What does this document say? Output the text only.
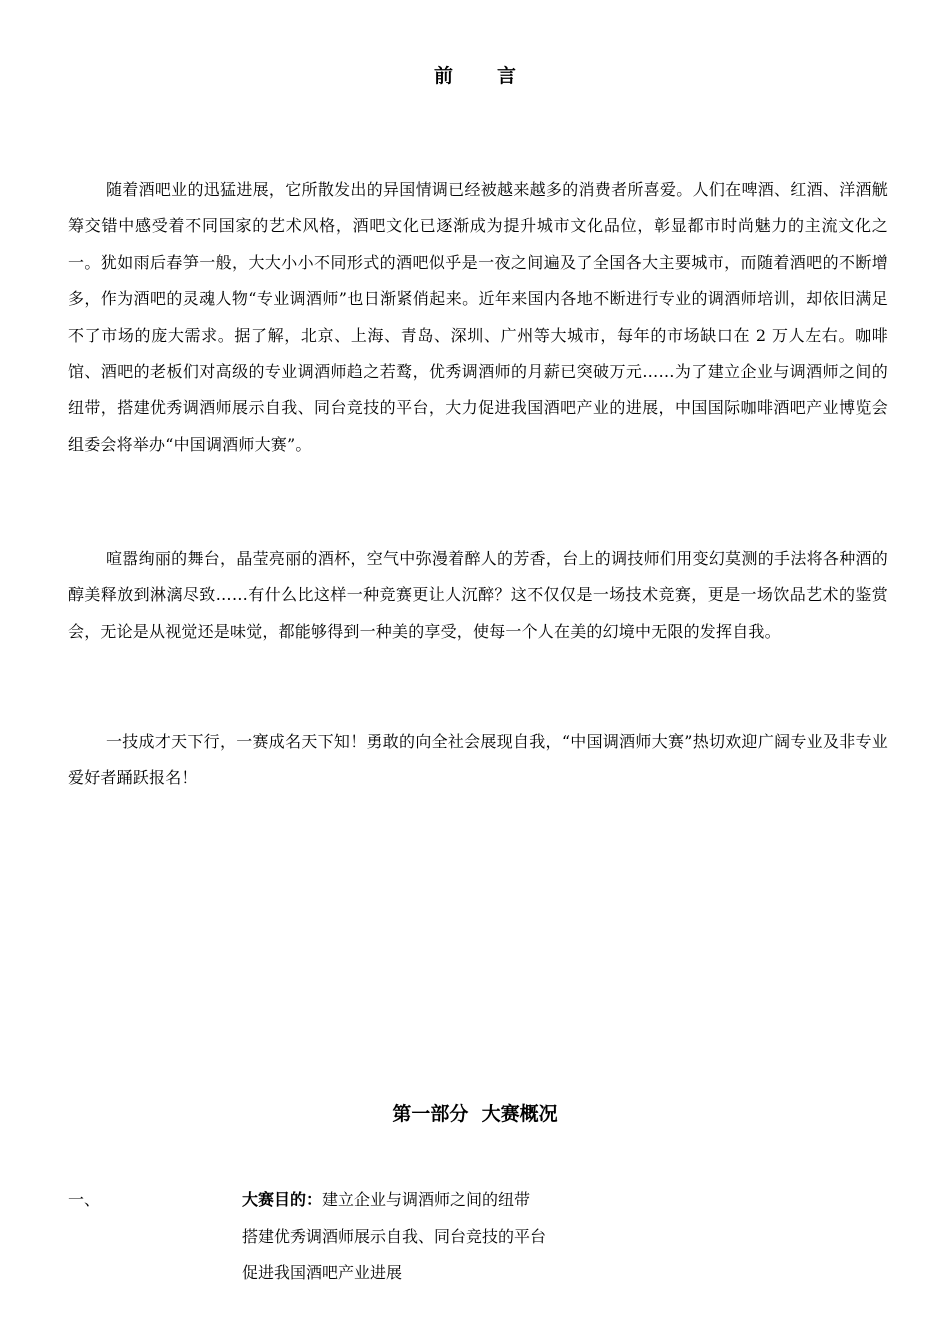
前言

随着酒吧业的迅猛进展，它所散发出的异国情调已经被越来越多的消费者所喜爱。人们在啤酒、红酒、洋酒觥筹交错中感受着不同国家的艺术风格，酒吧文化已逐渐成为提升城市文化品位，彰显都市时尚魅力的主流文化之一。犹如雨后春笋一般，大大小小不同形式的酒吧似乎是一夜之间遍及了全国各大主要城市，而随着酒吧的不断增多，作为酒吧的灵魂人物“专业调酒师”也日渐紧俏起来。近年来国内各地不断进行专业的调酒师培训，却依旧满足不了市场的庞大需求。据了解，北京、上海、青岛、深圳、广州等大城市，每年的市场缺口在 2 万人左右。咖啡馆、酒吧的老板们对高级的专业调酒师趋之若鹜，优秀调酒师的月薪已突破万元……为了建立企业与调酒师之间的纽带，搭建优秀调酒师展示自我、同台竞技的平台，大力促进我国酒吧产业的进展，中国国际咖啡酒吧产业博览会组委会将举办“中国调酒师大赛”。

喧嚣绚丽的舞台，晶莹亮丽的酒杯，空气中弥漫着醉人的芳香，台上的调技师们用变幻莫测的手法将各种酒的醇美释放到淋漓尽致……有什么比这样一种竞赛更让人沉醉？这不仅仅是一场技术竞赛，更是一场饮品艺术的鉴赏会，无论是从视觉还是味觉，都能够得到一种美的享受，使每一个人在美的幻境中无限的发挥自我。

一技成才天下行，一赛成名天下知！勇敢的向全社会展现自我，“中国调酒师大赛”热切欢迎广阔专业及非专业爱好者踊跃报名！

第一部分  大赛概况
一、	大赛目的：建立企业与调酒师之间的纽带
搭建优秀调酒师展示自我、同台竞技的平台
促进我国酒吧产业进展
